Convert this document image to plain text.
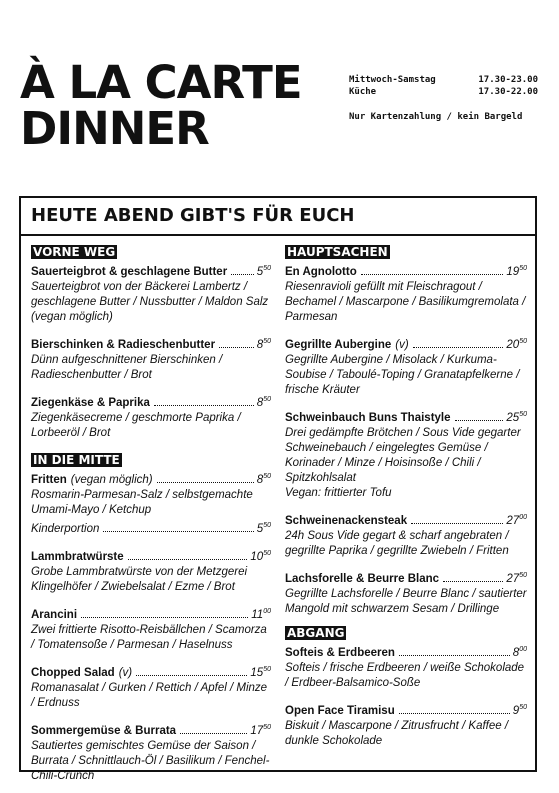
À LA CARTE
DINNER
Mittwoch-Samstag	17.30-23.00
Küche	17.30-22.00
Nur Kartenzahlung / kein Bargeld
HEUTE ABEND GIBT'S FÜR EUCH
VORNE WEG
Sauerteigbrot & geschlagene Butter	$5^{50}$
Sauerteigbrot von der Bäckerei Lambertz / geschlagene Butter / Nussbutter / Maldon Salz (vegan möglich)
Bierschinken & Radieschenbutter	$8^{50}$
Dünn aufgeschnittener Bierschinken / Radieschenbutter / Brot
Ziegenkäse & Paprika	$8^{50}$
Ziegenkäsecreme / geschmorte Paprika / Lorbeeröl / Brot
IN DIE MITTE
Fritten (vegan möglich)	$8^{50}$
Rosmarin-Parmesan-Salz / selbstgemachte Umami-Mayo / Ketchup
Kinderportion	$5^{50}$
Lammbratwürste	$10^{50}$
Grobe Lammbratwürste von der Metzgerei Klingelhöfer / Zwiebelsalat / Ezme / Brot
Arancini	$11^{00}$
Zwei frittierte Risotto-Reisbällchen / Scamorza / Tomatensoße / Parmesan / Haselnuss
Chopped Salad (v)	$15^{50}$
Romanasalat / Gurken / Rettich / Apfel / Minze / Erdnuss
Sommergemüse & Burrata	$17^{50}$
Sautiertes gemischtes Gemüse der Saison / Burrata / Schnittlauch-Öl / Basilikum / Fenchel-Chili-Crunch
HAUPTSACHEN
En Agnolotto	$19^{50}$
Riesenravioli gefüllt mit Fleischragout / Bechamel / Mascarpone / Basilikumgremolata / Parmesan
Gegrillte Aubergine (v)	$20^{50}$
Gegrillte Aubergine / Misolack / Kurkuma-Soubise / Taboulé-Toping / Granatapfelkerne / frische Kräuter
Schweinbauch Buns Thaistyle	$25^{50}$
Drei gedämpfte Brötchen / Sous Vide gegarter Schweinebauch / eingelegtes Gemüse / Korinader / Minze / Hoisinsoße / Chili / Spitzkohlsalat
Vegan: frittierter Tofu
Schweinenackensteak	$27^{00}$
24h Sous Vide gegart & scharf angebraten / gegrillte Paprika / gegrillte Zwiebeln / Fritten
Lachsforelle & Beurre Blanc	$27^{50}$
Gegrillte Lachsforelle / Beurre Blanc / sautierter Mangold mit schwarzem Sesam / Drillinge
ABGANG
Softeis & Erdbeeren	$8^{00}$
Softeis / frische Erdbeeren / weiße Schokolade / Erdbeer-Balsamico-Soße
Open Face Tiramisu	$9^{50}$
Biskuit / Mascarpone / Zitrusfrucht / Kaffee / dunkle Schokolade
